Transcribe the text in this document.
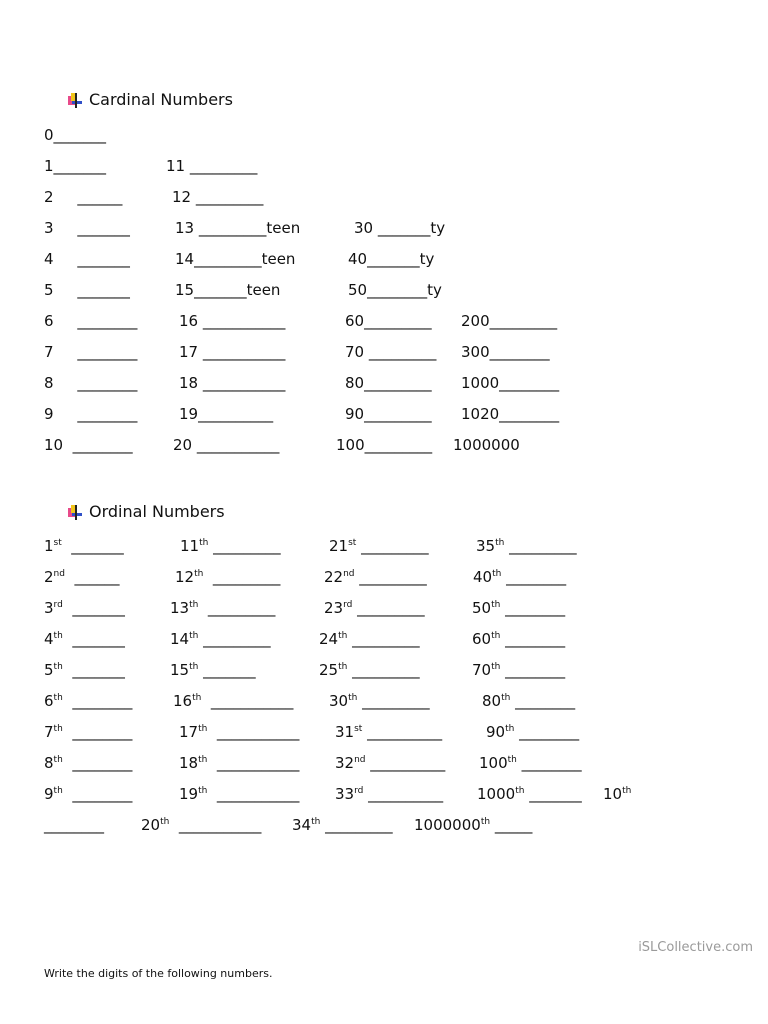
Cardinal Numbers
0_______
1_______	11 _________
2     ______	12 _________
3     _______	13 _________teen	30 _______ty
4     _______	14_________teen	40_______ty
5     _______	15_______teen	50________ty
6     ________	16 ___________	60_________ 200_________
7     ________	17 ___________	70 _________ 300________
8     ________	18 ___________	80_________ 1000________
9     ________	19__________	90_________ 1020________
10  ________	20 ___________	100_________ 1000000
Ordinal Numbers
1st  _______	11th _________	21st _________	35th _________
2nd  ______	12th  _________	22nd _________	40th ________
3rd  _______	13th  _________	23rd _________	50th ________
4th  _______	14th _________	24th _________	60th ________
5th  _______	15th _______	25th _________	70th ________
6th  ________	16th  ___________ 30th _________	80th ________
7th  ________	17th  ___________ 31st __________	90th ________
8th  ________	18th  ___________ 32nd __________ 100th ________
9th  ________	19th  ___________ 33rd __________ 1000th _______ 10th
________ 20th  ___________ 34th _________ 1000000th _____
iSLCollective.com
Write the digits of the following numbers.
